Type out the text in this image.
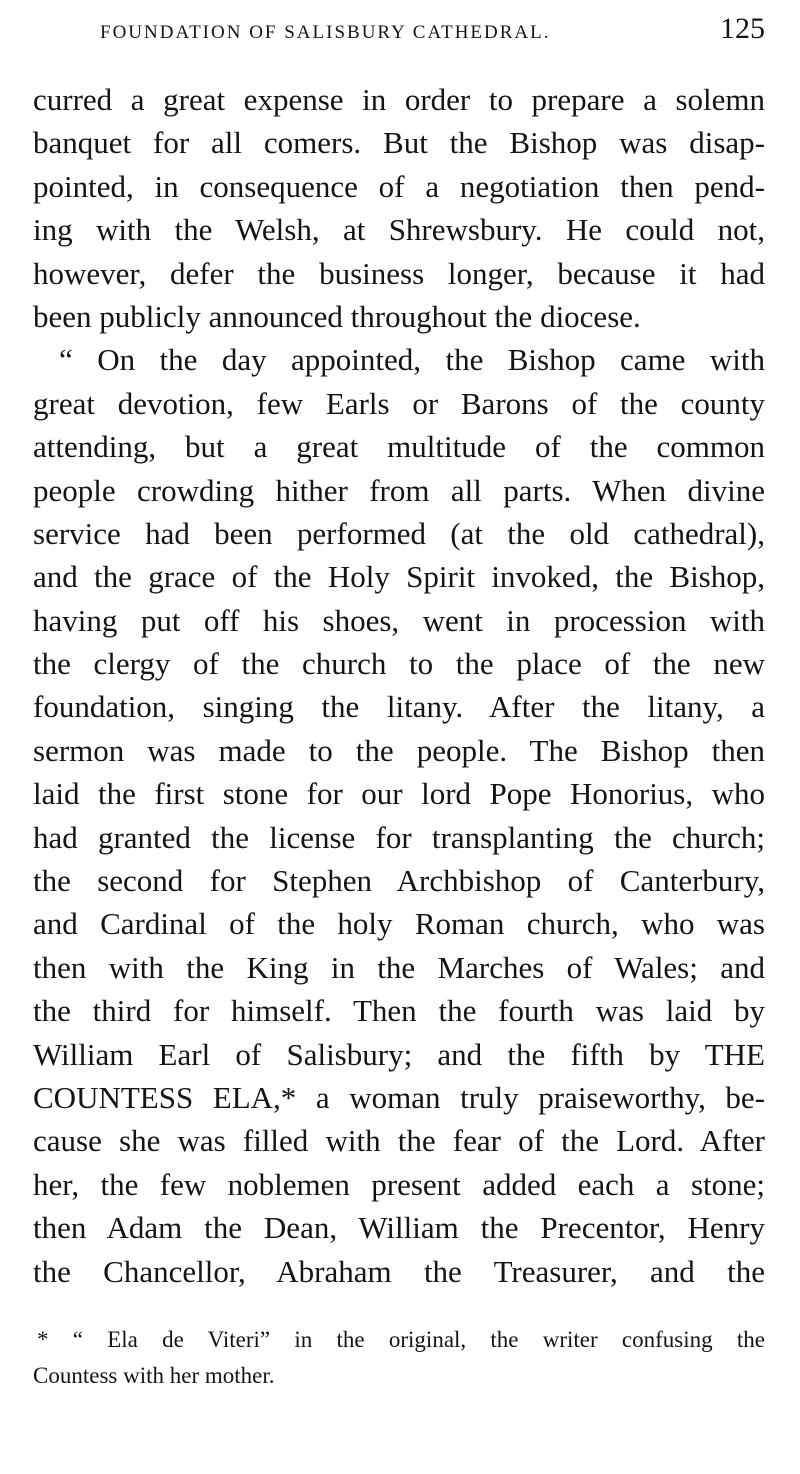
FOUNDATION OF SALISBURY CATHEDRAL.	125
curred a great expense in order to prepare a solemn
banquet for all comers. But the Bishop was disap-
pointed, in consequence of a negotiation then pend-
ing with the Welsh, at Shrewsbury. He could not,
however, defer the business longer, because it had
been publicly announced throughout the diocese.
“ On the day appointed, the Bishop came with
great devotion, few Earls or Barons of the county
attending, but a great multitude of the common
people crowding hither from all parts. When divine
service had been performed (at the old cathedral),
and the grace of the Holy Spirit invoked, the Bishop,
having put off his shoes, went in procession with
the clergy of the church to the place of the new
foundation, singing the litany. After the litany, a
sermon was made to the people. The Bishop then
laid the first stone for our lord Pope Honorius, who
had granted the license for transplanting the church;
the second for Stephen Archbishop of Canterbury,
and Cardinal of the holy Roman church, who was
then with the King in the Marches of Wales; and
the third for himself. Then the fourth was laid by
William Earl of Salisbury; and the fifth by THE
COUNTESS ELA,* a woman truly praiseworthy, be-
cause she was filled with the fear of the Lord. After
her, the few noblemen present added each a stone;
then Adam the Dean, William the Precentor, Henry
the Chancellor, Abraham the Treasurer, and the
* “ Ela de Viteri” in the original, the writer confusing the
Countess with her mother.
